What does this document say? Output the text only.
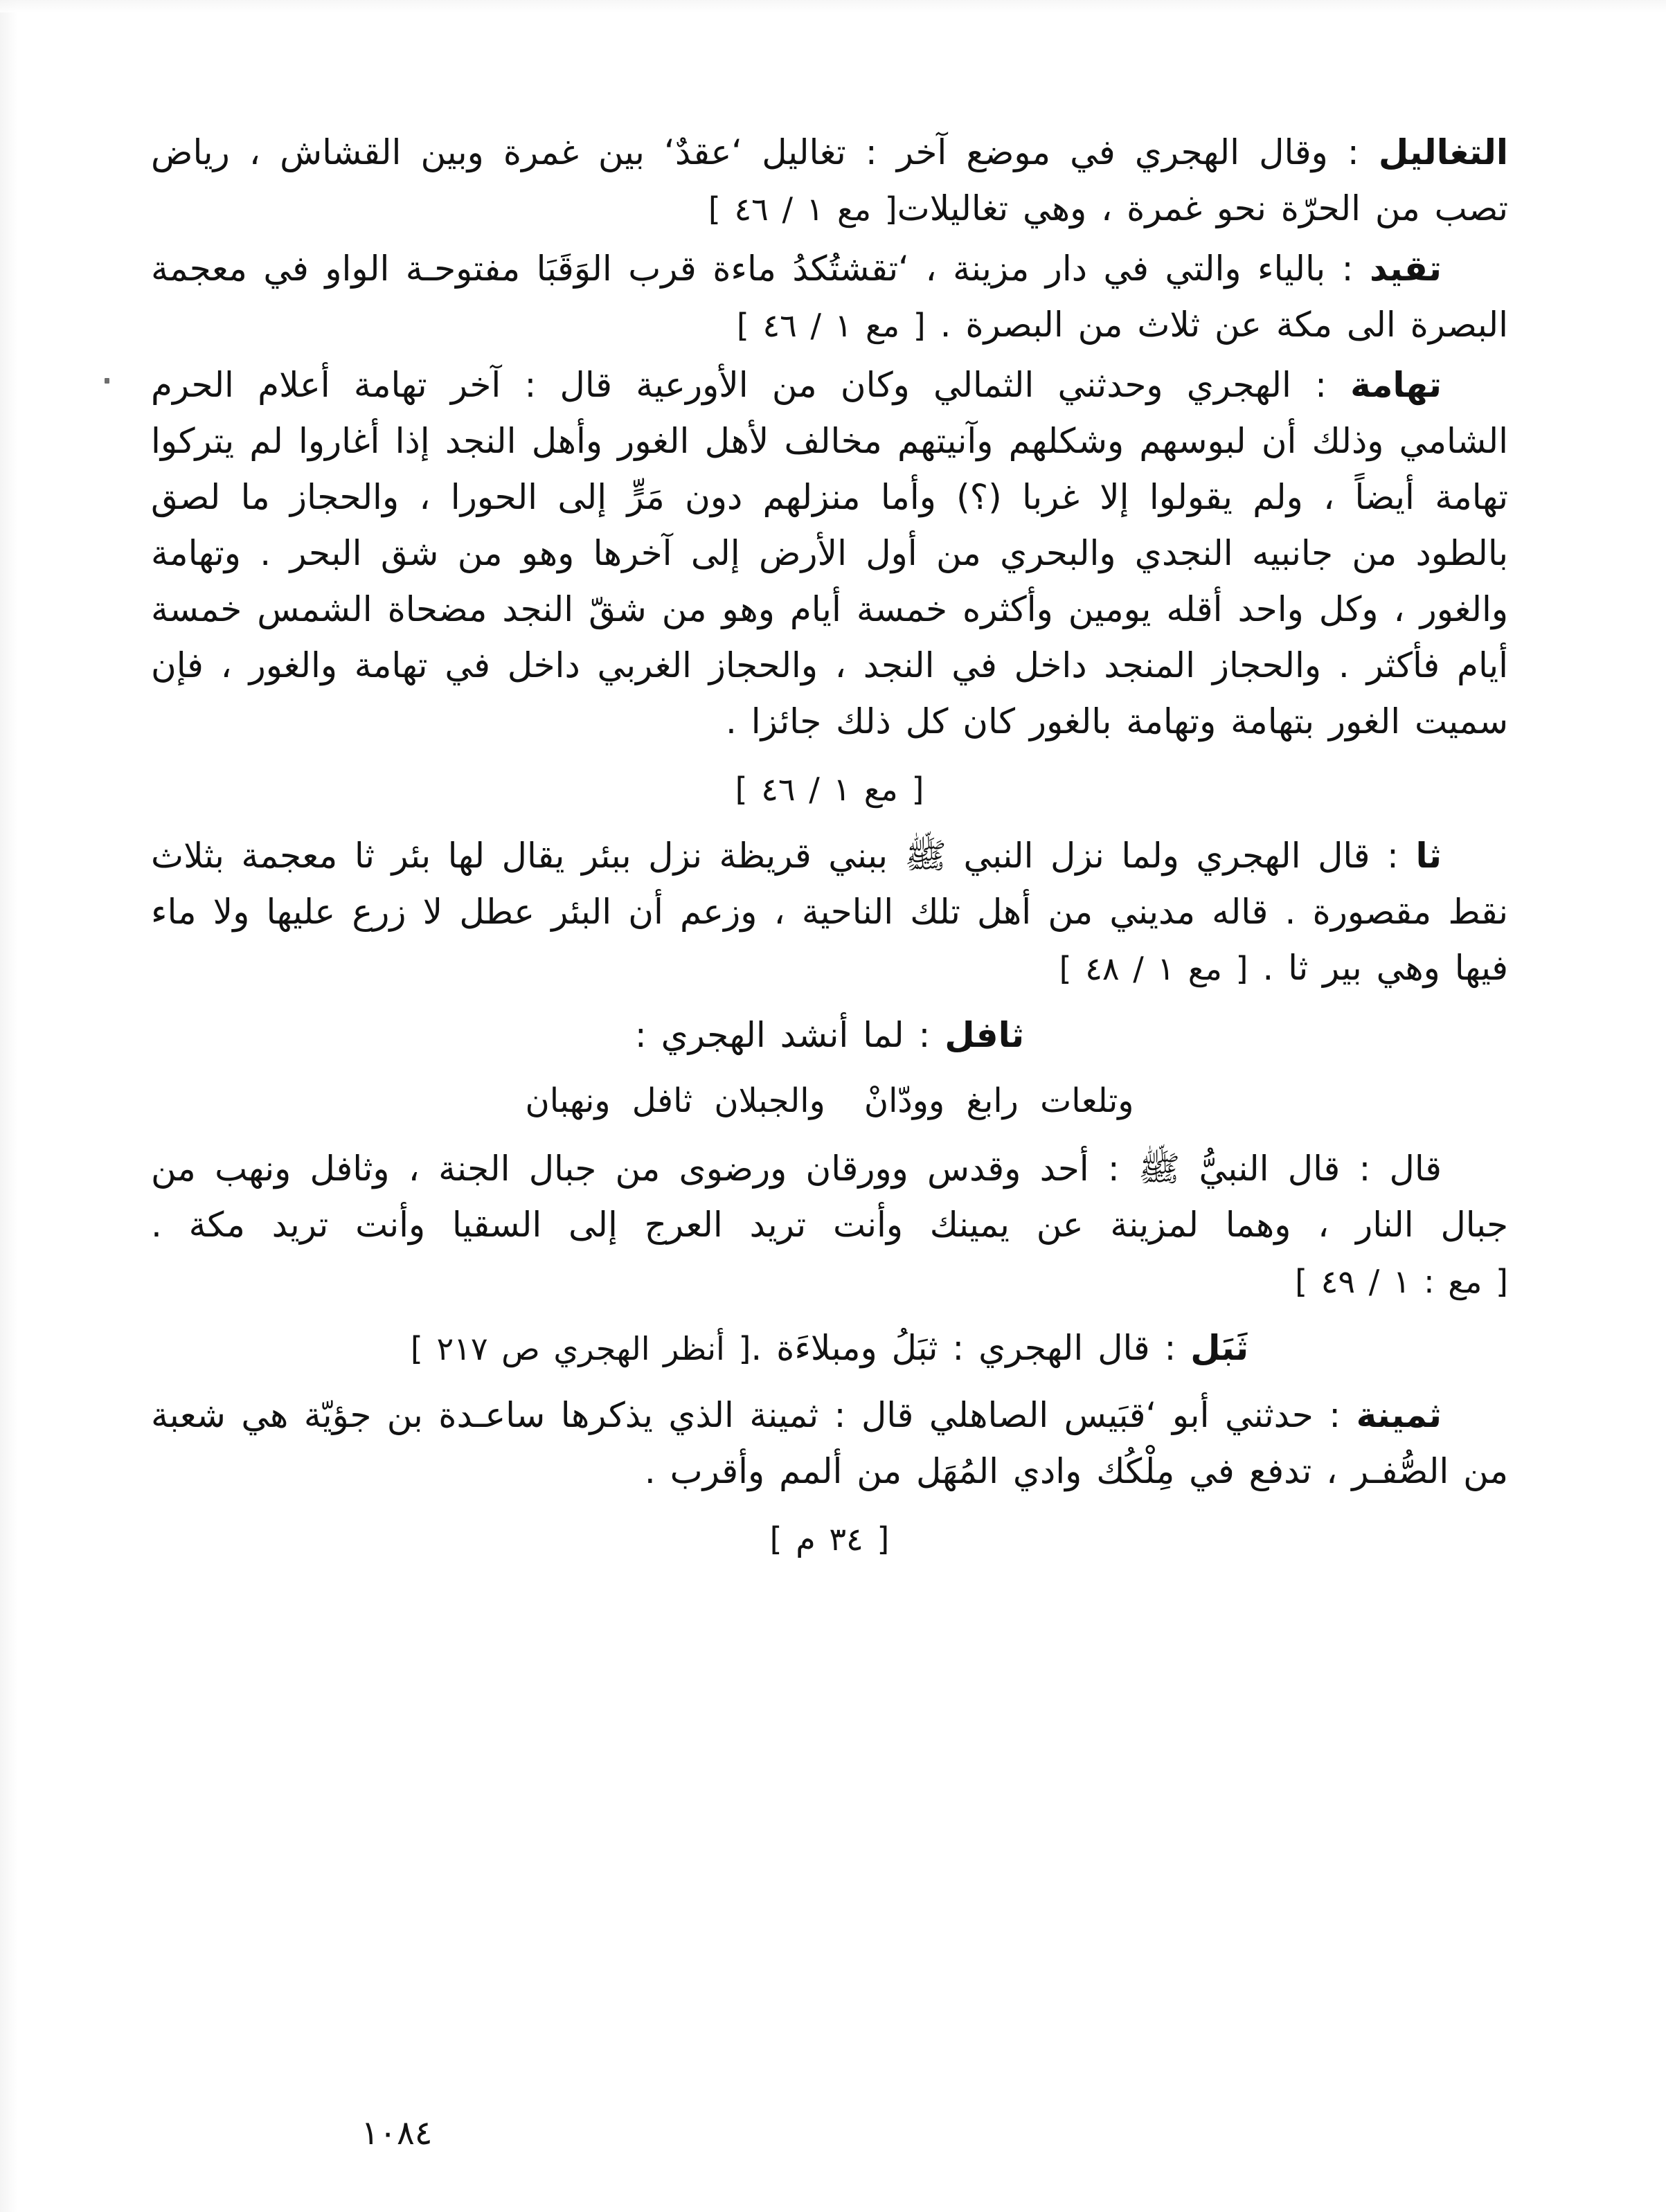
التغاليل : وقال الهجري في موضع آخر : تغاليل ‘عقدٌ‘ بين غمرة وبين القشاش ، رياض تصب من الحرّة نحو غمرة ، وهي تغاليلات[ مع ١ / ٤٦ ]

تقيد : بالياء والتي في دار مزينة ، ‘تقشتُكدُ ماءة قرب الوَقَبَا مفتوحـة الواو في معجمة البصرة الى مكة عن ثلاث من البصرة . [ مع ١ / ٤٦ ]

تهامة : الهجري وحدثني الثمالي وكان من الأورعية قال : آخر تهامة أعلام الحرم الشامي وذلك أن لبوسهم وشكلهم وآنيتهم مخالف لأهل الغور وأهل النجد إذا أغاروا لم يتركوا تهامة أيضاً ، ولم يقولوا إلا غربا (؟) وأما منزلهم دون مَرٍّ إلى الحورا ، والحجاز ما لصق بالطود من جانبيه النجدي والبحري من أول الأرض إلى آخرها وهو من شق البحر . وتهامة والغور ، وكل واحد أقله يومين وأكثره خمسة أيام وهو من شقّ النجد مضحاة الشمس خمسة أيام فأكثر . والحجاز المنجد داخل في النجد ، والحجاز الغربي داخل في تهامة والغور ، فإن سميت الغور بتهامة وتهامة بالغور كان كل ذلك جائزا .

[ مع ١ / ٤٦ ]

ثا : قال الهجري ولما نزل النبي ﷺ ببني قريظة نزل ببئر يقال لها بئر ثا معجمة بثلاث نقط مقصورة . قاله مديني من أهل تلك الناحية ، وزعم أن البئر عطل لا زرع عليها ولا ماء فيها وهي بير ثا . [ مع ١ / ٤٨ ]

ثافل : لما أنشد الهجري :

وتلعات رابغ وودّانْوالجبلان ثافل ونهبان

قال : قال النبيُّ ﷺ : أحد وقدس وورقان ورضوى من جبال الجنة ، وثافل ونهب من جبال النار ، وهما لمزينة عن يمينك وأنت تريد العرج إلى السقيا وأنت تريد مكة . [ مع : ١ / ٤٩ ]

ثَبَل : قال الهجري : ثبَلُ ومبلاءَة .[ أنظر الهجري ص ٢١٧ ]

ثمينة : حدثني أبو ‘قبَيس الصاهلي قال : ثمينة الذي يذكرها ساعـدة بن جؤيّة هي شعبة من الصُّفـر ، تدفع في مِلْكُك وادي المُهَل من ألمم وأقرب .

[ ٣٤ م ]

١٠٨٤
